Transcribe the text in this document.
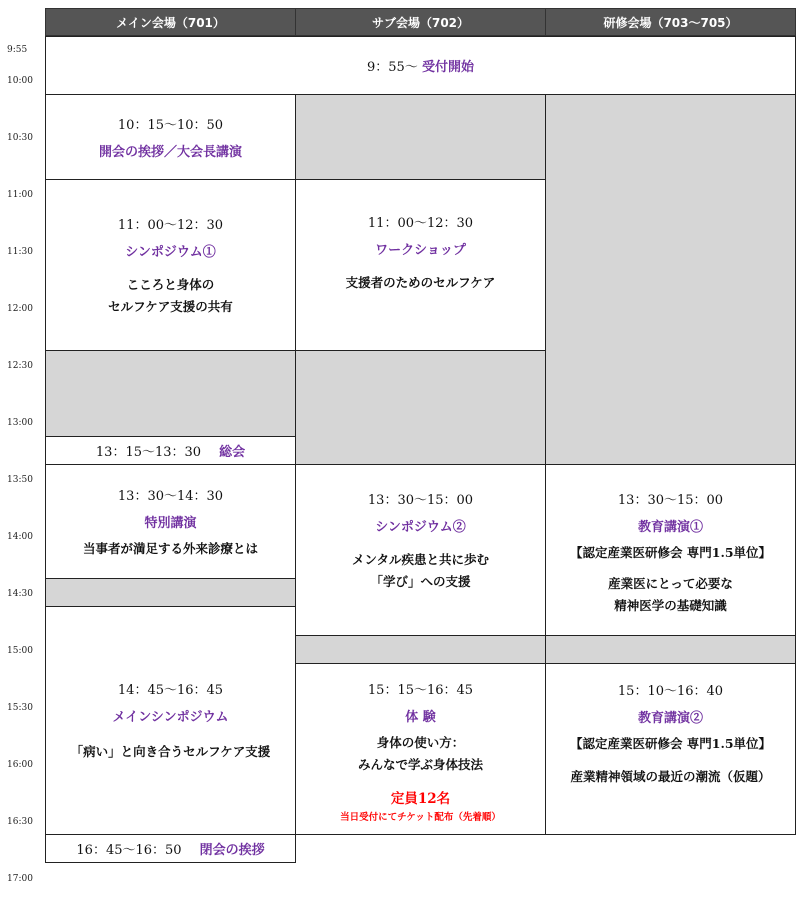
メイン会場（701）	サブ会場（702）	研修会場（703〜705）
9:55
10:00
10:30
11:00
11:30
12:00
12:30
13:00
13:50
14:00
14:30
15:00
15:30
16:00
16:30
17:00
9：55〜 受付開始
10：15〜10：50
開会の挨拶／大会長講演
11：00〜12：30
シンポジウム①
こころと身体の
セルフケア支援の共有
13：15〜13：30 総会
13：30〜14：30
特別講演
当事者が満足する外来診療とは
14：45〜16：45
メインシンポジウム
「病い」と向き合うセルフケア支援
16：45〜16：50 閉会の挨拶
11：00〜12：30
ワークショップ
支援者のためのセルフケア
13：30〜15：00
シンポジウム②
メンタル疾患と共に歩む
「学び」への支援
15：15〜16：45
体 験
身体の使い方：
みんなで学ぶ身体技法
定員12名
当日受付にてチケット配布（先着順）
13：30〜15：00
教育講演①
【認定産業医研修会 専門1.5単位】
産業医にとって必要な
精神医学の基礎知識
15：10〜16：40
教育講演②
【認定産業医研修会 専門1.5単位】
産業精神領域の最近の潮流（仮題）
